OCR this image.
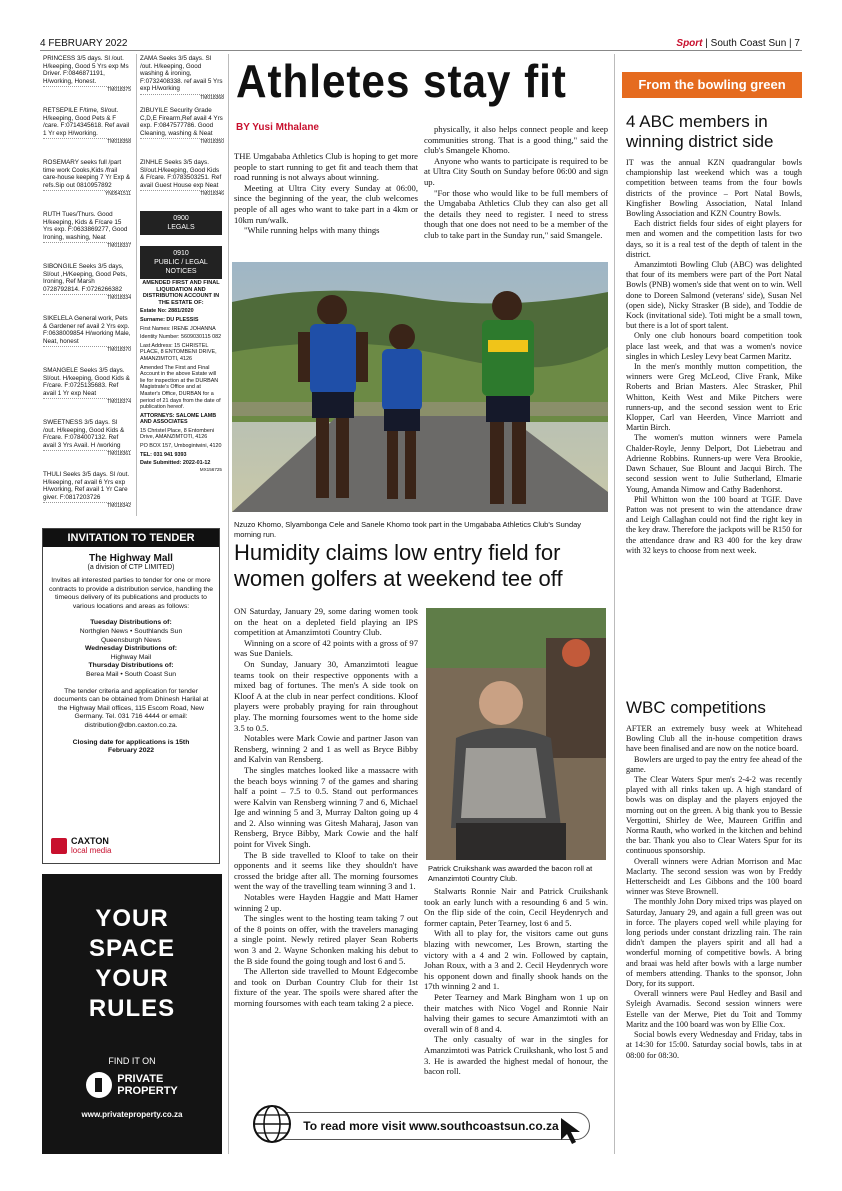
4 FEBRUARY 2022	Sport | South Coast Sun | 7
PRINCESS 3/5 days. Sl /out. H/keeping, Good 5 Yrs exp Ms Driver. F:0846871191, H/working, Honest.
TM018375
RETSEPILE F/time, Sl/out. H/keeping, Good Pets & F /care. F:0714345618. Ref avail 1 Yr exp H/working.
TM018358
ROSEMARY seeks full /part time work Cooks,Kids /frail care-house keeping 7 Yr Exp & refs.Sip out 0810957892
YN0541511
RUTH Tues/Thurs. Good H/keeping, Kids & F/care 15 Yrs exp. F:0633869277, Good Ironing, washing, Neat
TM018337
SIBONGILE Seeks 3/5 days, Sl/out ,H/Keeping, Good Pets, Ironing, Ref Marsh 0728792814. F:0726266382
TM018334
SIKELELA General work, Pets & Gardener ref avail 2 Yrs exp. F:0638009854 H/working Male, Neat, honest
TM018370
SMANGELE Seeks 3/5 days. Sl/out. H/keeping, Good Kids & F/care. F:0725135683. Ref avail 1 Yr exp Neat
TM018374
SWEETNESS 3/5 days. Sl /out. H/keeping, Good Kids & F/care. F:0784007132. Ref avail 3 Yrs Avail. H /working
TM018361
THULI Seeks 3/5 days. Sl /out. H/keeping, ref avail 6 Yrs exp H/working, Ref avail 1 Yr Care giver. F:0817203726
TM018342
ZAMA Seeks 3/5 days. Sl /out. H/keeping, Good washing & ironing, F:0732408338. ref avail 5 Yrs exp H/working
TM018368
ZIBUYILE Security Grade C,D,E Firearm,Ref avail 4 Yrs exp. F:0847577786. Good Cleaning, washing & Neat
TM018350
ZINHLE Seeks 3/5 days. Sl/out.H/keeping, Good Kids & F/care. F:0783503251. Ref avail Guest House exp Neat
TM018346
0900
LEGALS
0910
PUBLIC / LEGAL NOTICES
AMENDED FIRST AND FINAL LIQUIDATION AND DISTRIBUTION ACCOUNT IN THE ESTATE OF:
Estate No: 2881/2020
Surname: DU PLESSIS
First Names: IRENE JOHANNA
Identity Number: 5609030115 082
Last Address: 15 CHRISTEL PLACE, 8 ENTOMBENI DRIVE, AMANZIMTOTI, 4126
Amended The First and Final Account in the above Estate will lie for inspection at the DURBAN Magistrate's Office and at Master's Office, DURBAN for a period of 21 days from the date of publication hereof.
ATTORNEYS: SALOME LAMB AND ASSOCIATES
15 Christel Place, 8 Entombeni Drive, AMANZIMTOTI, 4126
PO BOX 157, Umbogintwini, 4120
TEL: 031 941 9393
Date Submitted: 2022-01-12
MX156725
INVITATION TO TENDER
The Highway Mall
(a division of CTP LIMITED)
Invites all interested parties to tender for one or more contracts to provide a distribution service, handling the timeous delivery of its publications and products to various locations and areas as follows:
Tuesday Distributions of:
Northglen News • Southlands Sun
Queensburgh News
Wednesday Distributions of:
Highway Mail
Thursday Distributions of:
Berea Mail • South Coast Sun
The tender criteria and application for tender documents can be obtained from Dhinesh Harilal at the Highway Mail offices, 115 Escom Road, New Germany. Tel. 031 716 4444 or email: distribution@dbn.caxton.co.za.
Closing date for applications is 15th February 2022
CAXTON
local media
YOUR
SPACE
YOUR
RULES
FIND IT ON
PRIVATE
PROPERTY
www.privateproperty.co.za
Athletes stay fit
BY Yusi Mthalane

THE Umgababa Athletics Club is hoping to get more people to start running to get fit and teach them that road running is not always about winning.

Meeting at Ultra City every Sunday at 06:00, since the beginning of the year, the club welcomes people of all ages who want to take part in a 4km or 10km run/walk.

"While running helps with many things

physically, it also helps connect people and keep communities strong. That is a good thing," said the club's Smangele Khomo.

Anyone who wants to participate is required to be at Ultra City South on Sunday before 06:00 and sign up.

"For those who would like to be full members of the Umgababa Athletics Club they can also get all the details they need to register. I need to stress though that one does not need to be a member of the club to take part in the Sunday run," said Smangele.

Nzuzo Khomo, Slyambonga Cele and Sanele Khomo took part in the Umgababa Athletics Club's Sunday morning run.
Humidity claims low entry field for women golfers at weekend tee off

ON Saturday, January 29, some daring women took on the heat on a depleted field playing an IPS competition at Amanzimtoti Country Club.

Winning on a score of 42 points with a gross of 97 was Sue Daniels.

On Sunday, January 30, Amanzimtoti league teams took on their respective opponents with a mixed bag of fortunes. The men's A side took on Kloof A at the club in near perfect conditions. Kloof players were probably praying for rain throughout play. The morning foursomes went to the home side 3.5 to 0.5.

Notables were Mark Cowie and partner Jason van Rensberg, winning 2 and 1 as well as Bryce Bibby and Kalvin van Rensberg.

The singles matches looked like a massacre with the beach boys winning 7 of the games and sharing half a point – 7.5 to 0.5. Stand out performances were Kalvin van Rensberg winning 7 and 6, Michael Ige and winning 5 and 3, Murray Dalton going up 4 and 2. Also winning was Gitesh Maharaj, Jason van Rensberg, Bryce Bibby, Mark Cowie and the half point for Vivek Singh.

The B side travelled to Kloof to take on their opponents and it seems like they shouldn't have crossed the bridge after all. The morning foursomes went the way of the travelling team winning 3 and 1.

Notables were Hayden Haggie and Matt Hamer winning 2 up.

The singles went to the hosting team taking 7 out of the 8 points on offer, with the travelers managing a single point. Newly retired player Sean Roberts won 3 and 2. Wayne Schonken making his debut to the B side found the going tough and lost 6 and 5.

The Allerton side travelled to Mount Edgecombe and took on Durban Country Club for their 1st fixture of the year. The spoils were shared after the morning foursomes with each team taking 2 a piece.

Patrick Cruikshank was awarded the bacon roll at Amanzimtoti Country Club.

Stalwarts Ronnie Nair and Patrick Cruikshank took an early lunch with a resounding 6 and 5 win. On the flip side of the coin, Cecil Heydenrych and former captain, Peter Tearney, lost 6 and 5.

With all to play for, the visitors came out guns blazing with newcomer, Les Brown, starting the victory with a 4 and 2 win. Followed by captain, Johan Roux, with a 3 and 2. Cecil Heydenrych wore his opponent down and finally shook hands on the 17th winning 2 and 1.

Peter Tearney and Mark Bingham won 1 up on their matches with Nico Vogel and Ronnie Nair halving their games to secure Amanzimtoti with an overall win of 8 and 4.

The only casualty of war in the singles for Amanzimtoti was Patrick Cruikshank, who lost 5 and 3. He is awarded the highest medal of honour, the bacon roll.

From the bowling green
4 ABC members in winning district side

IT was the annual KZN quadrangular bowls championship last weekend which was a tough competition between teams from the four bowls districts of the province – Port Natal Bowls, Kingfisher Bowling Association, Natal Inland Bowling Association and KZN Country Bowls.

Each district fields four sides of eight players for men and women and the competition lasts for two days, so it is a real test of the depth of talent in the district.

Amanzimtoti Bowling Club (ABC) was delighted that four of its members were part of the Port Natal Bowls (PNB) women's side that went on to win. Well done to Doreen Salmond (veterans' side), Susan Nel (open side), Nicky Strasker (B side), and Toddie de Kock (invitational side). Toti might be a small town, but there is a lot of sport talent.

Only one club honours board competition took place last week, and that was a women's novice singles in which Lesley Levy beat Carmen Maritz.

In the men's monthly mutton competition, the winners were Greg McLeod, Clive Frank, Mike Roberts and Brian Masters. Alec Strasker, Phil Whitton, Keith West and Mike Pitchers were runners-up, and the second session went to Eric Klopper, Carl van Heerden, Vince Marriott and Martin Birch.

The women's mutton winners were Pamela Chalder-Royle, Jenny Delport, Dot Liebetrau and Adrienne Robbins. Runners-up were Vera Brookie, Dawn Schauer, Sue Blount and Jacqui Birch. The second session went to Julie Sutherland, Elmarie Young, Amanda Nimow and Cathy Badenhorst.

Phil Whitton won the 100 board at TGIF. Dave Patton was not present to win the attendance draw and Leigh Callaghan could not find the right key in the key draw. Therefore the jackpots will be R150 for the attendance draw and R3 400 for the key draw with 32 keys to choose from next week.

WBC competitions

AFTER an extremely busy week at Whitehead Bowling Club all the in-house competition draws have been finalised and are now on the notice board.

Bowlers are urged to pay the entry fee ahead of the game.

The Clear Waters Spur men's 2-4-2 was recently played with all rinks taken up. A high standard of bowls was on display and the players enjoyed the morning out on the green. A big thank you to Bessie Vergottini, Shirley de Wee, Maureen Griffin and Norma Rauth, who worked in the kitchen and behind the bar. Thank you also to Clear Waters Spur for its continuous sponsorship.

Overall winners were Adrian Morrison and Mac Maclarty. The second session was won by Freddy Hetterscheidt and Les Gibbons and the 100 board winner was Steve Brownell.

The monthly John Dory mixed trips was played on Saturday, January 29, and again a full green was out in force. The players coped well while playing for long periods under constant drizzling rain. The rain didn't dampen the players spirit and all had a wonderful morning of competitive bowls. A bring and braai was held after bowls with a large number of members attending. Thanks to the sponsor, John Dory, for its support.

Overall winners were Paul Hedley and Basil and Syleigh Avarnadis. Second session winners were Estelle van der Merwe, Piet du Toit and Tommy Maritz and the 100 board was won by Ellie Cox.

Social bowls every Wednesday and Friday, tabs in at 14:30 for 15:00. Saturday social bowls, tabs in at 08:00 for 08:30.

To read more visit www.southcoastsun.co.za
